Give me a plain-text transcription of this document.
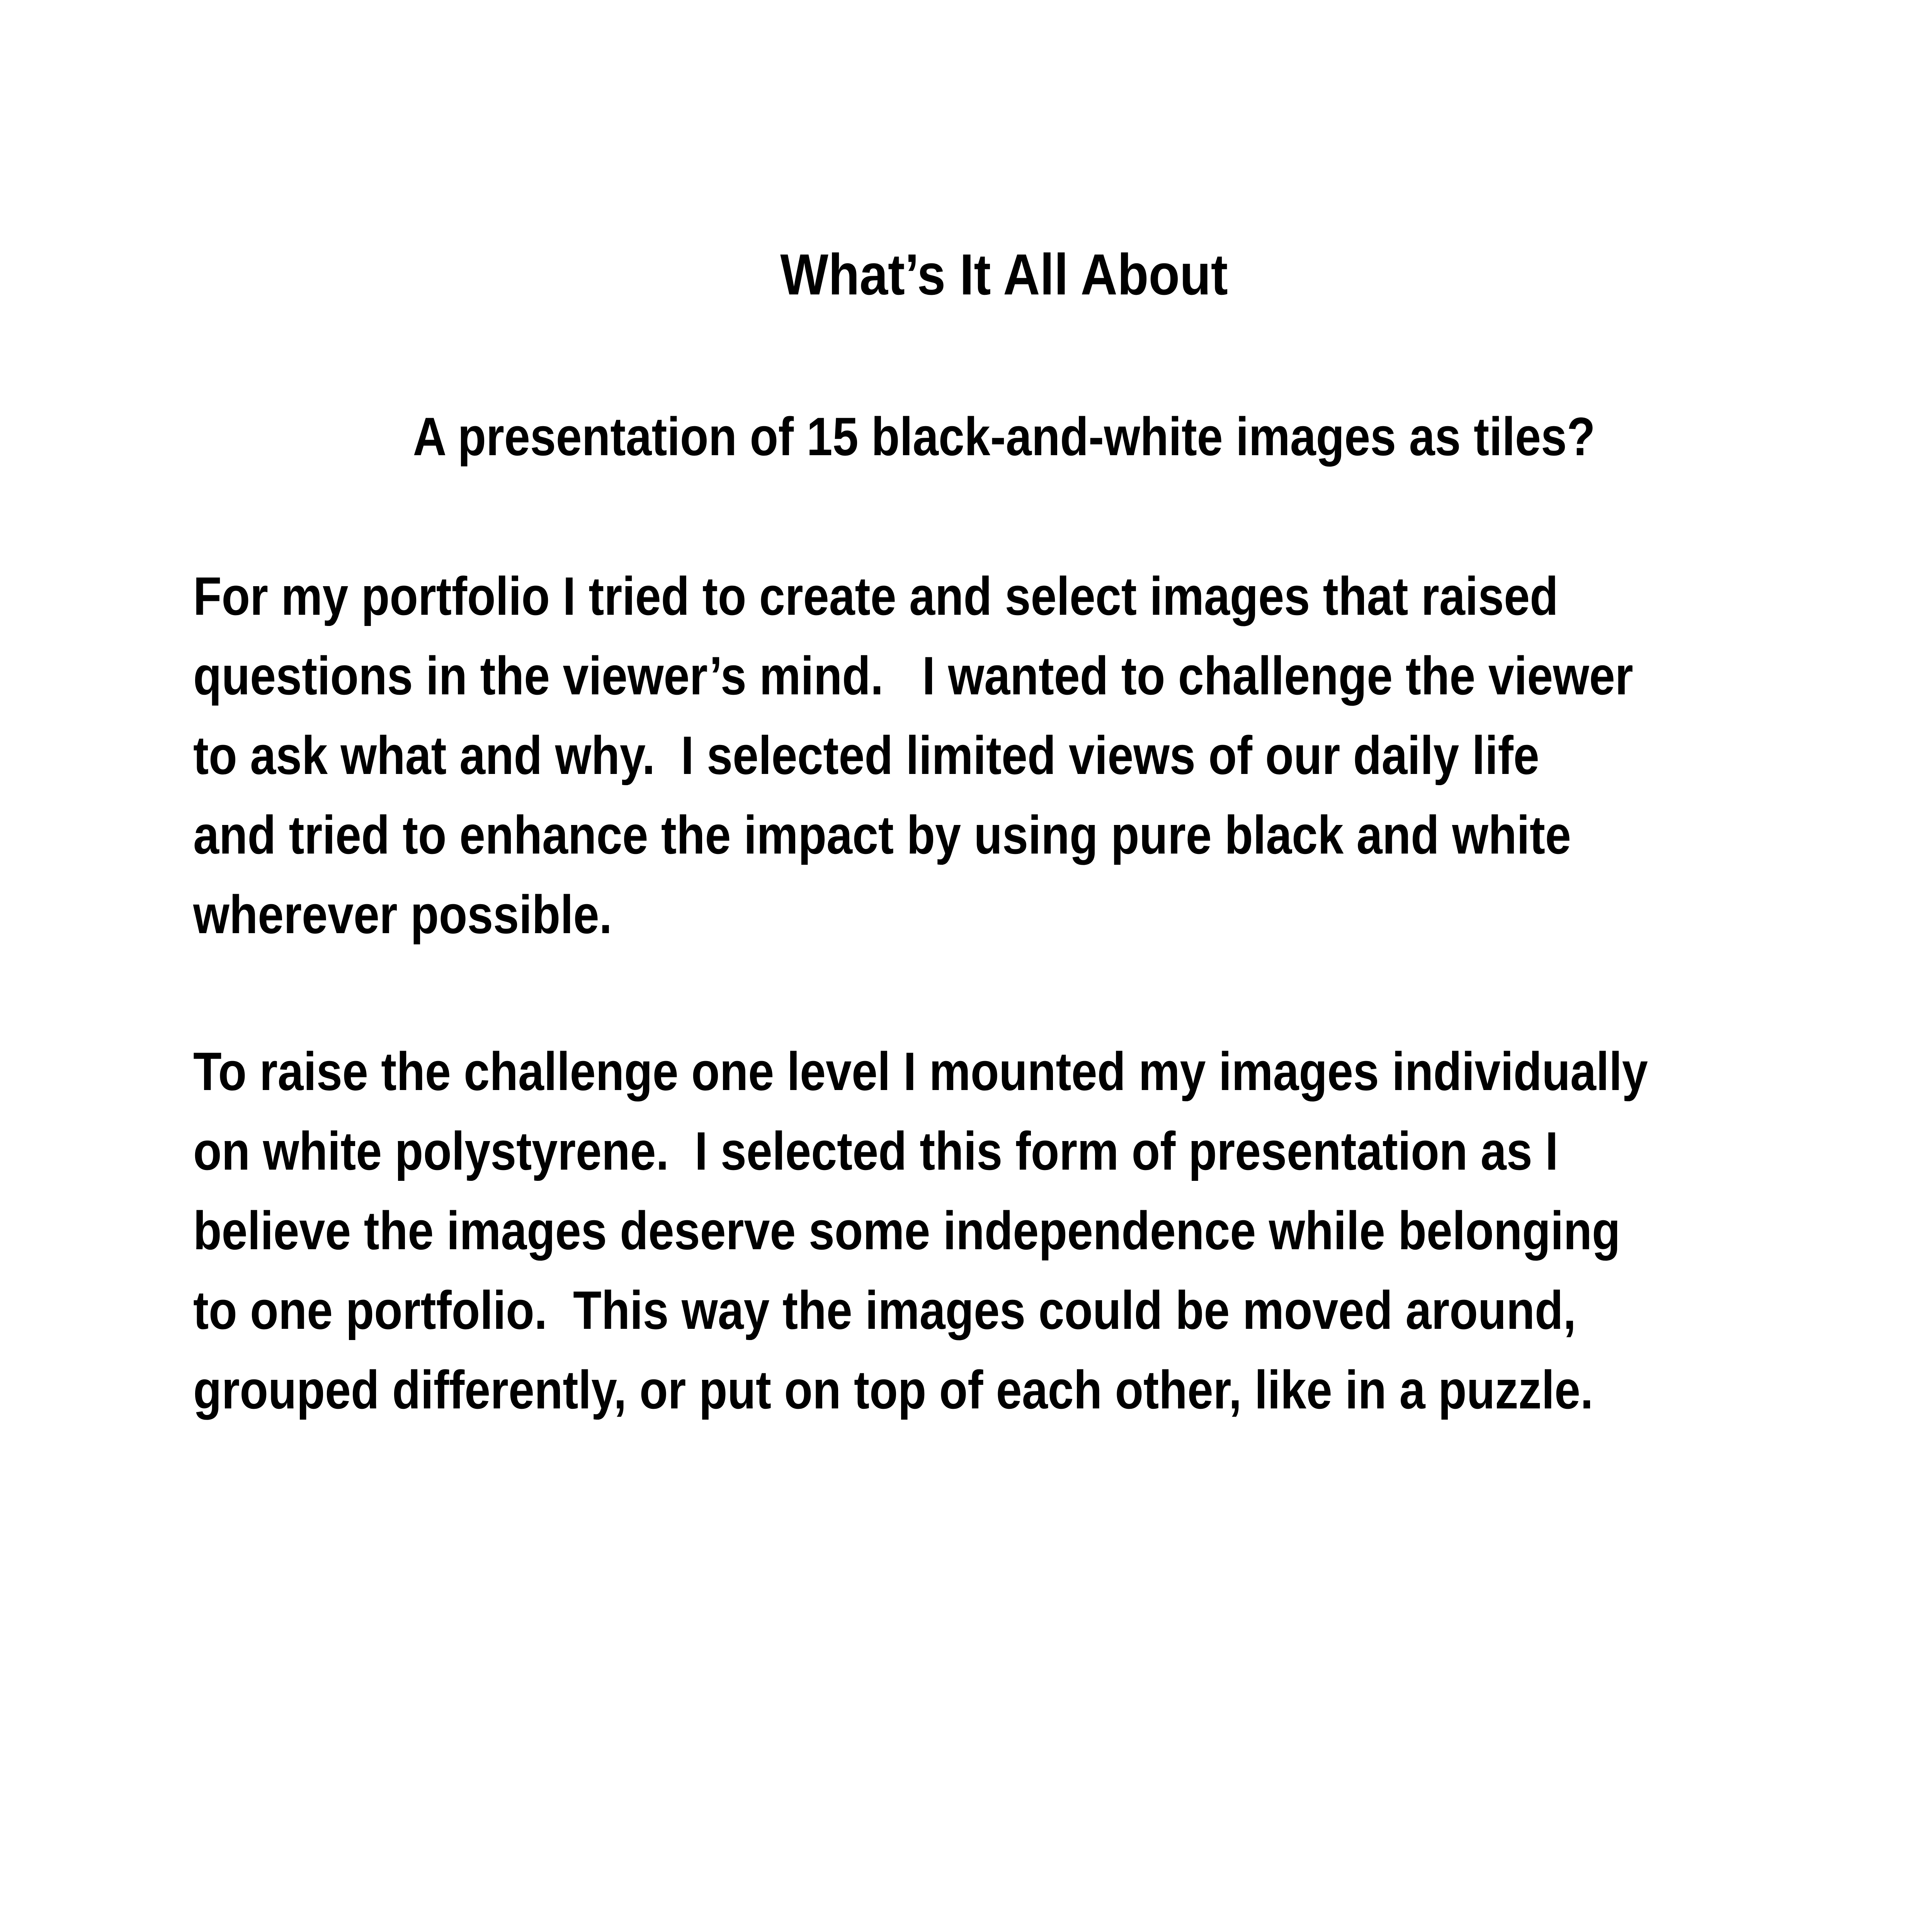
What’s It All About
A presentation of 15 black-and-white images as tiles?

For my portfolio I tried to create and select images that raised
questions in the viewer’s mind.   I wanted to challenge the viewer
to ask what and why.  I selected limited views of our daily life
and tried to enhance the impact by using pure black and white
wherever possible.

To raise the challenge one level I mounted my images individually
on white polystyrene.  I selected this form of presentation as I
believe the images deserve some independence while belonging
to one portfolio.  This way the images could be moved around,
grouped differently, or put on top of each other, like in a puzzle.
